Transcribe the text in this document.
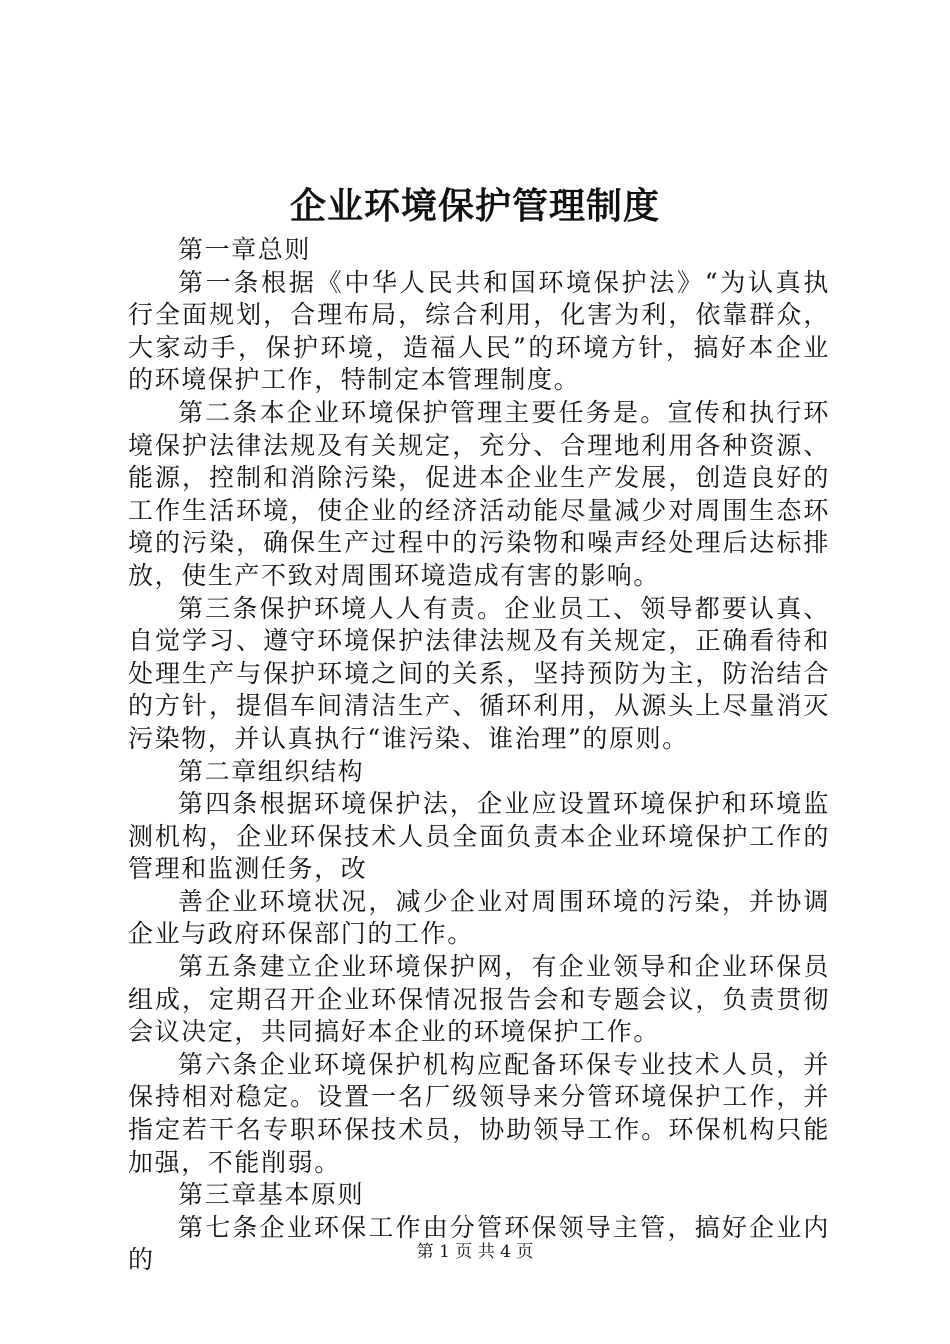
企业环境保护管理制度

第一章总则

第一条根据《中华人民共和国环境保护法》“为认真执行全面规划，合理布局，综合利用，化害为利，依靠群众，大家动手，保护环境，造福人民”的环境方针，搞好本企业的环境保护工作，特制定本管理制度。

第二条本企业环境保护管理主要任务是。宣传和执行环境保护法律法规及有关规定，充分、合理地利用各种资源、能源，控制和消除污染，促进本企业生产发展，创造良好的工作生活环境，使企业的经济活动能尽量减少对周围生态环境的污染，确保生产过程中的污染物和噪声经处理后达标排放，使生产不致对周围环境造成有害的影响。

第三条保护环境人人有责。企业员工、领导都要认真、自觉学习、遵守环境保护法律法规及有关规定，正确看待和处理生产与保护环境之间的关系，坚持预防为主，防治结合的方针，提倡车间清洁生产、循环利用，从源头上尽量消灭污染物，并认真执行“谁污染、谁治理”的原则。

第二章组织结构

第四条根据环境保护法，企业应设置环境保护和环境监测机构，企业环保技术人员全面负责本企业环境保护工作的管理和监测任务，改

善企业环境状况，减少企业对周围环境的污染，并协调企业与政府环保部门的工作。

第五条建立企业环境保护网，有企业领导和企业环保员组成，定期召开企业环保情况报告会和专题会议，负责贯彻会议决定，共同搞好本企业的环境保护工作。

第六条企业环境保护机构应配备环保专业技术人员，并保持相对稳定。设置一名厂级领导来分管环境保护工作，并指定若干名专职环保技术员，协助领导工作。环保机构只能加强，不能削弱。

第三章基本原则

第七条企业环保工作由分管环保领导主管，搞好企业内的	第 1 页 共 4 页
